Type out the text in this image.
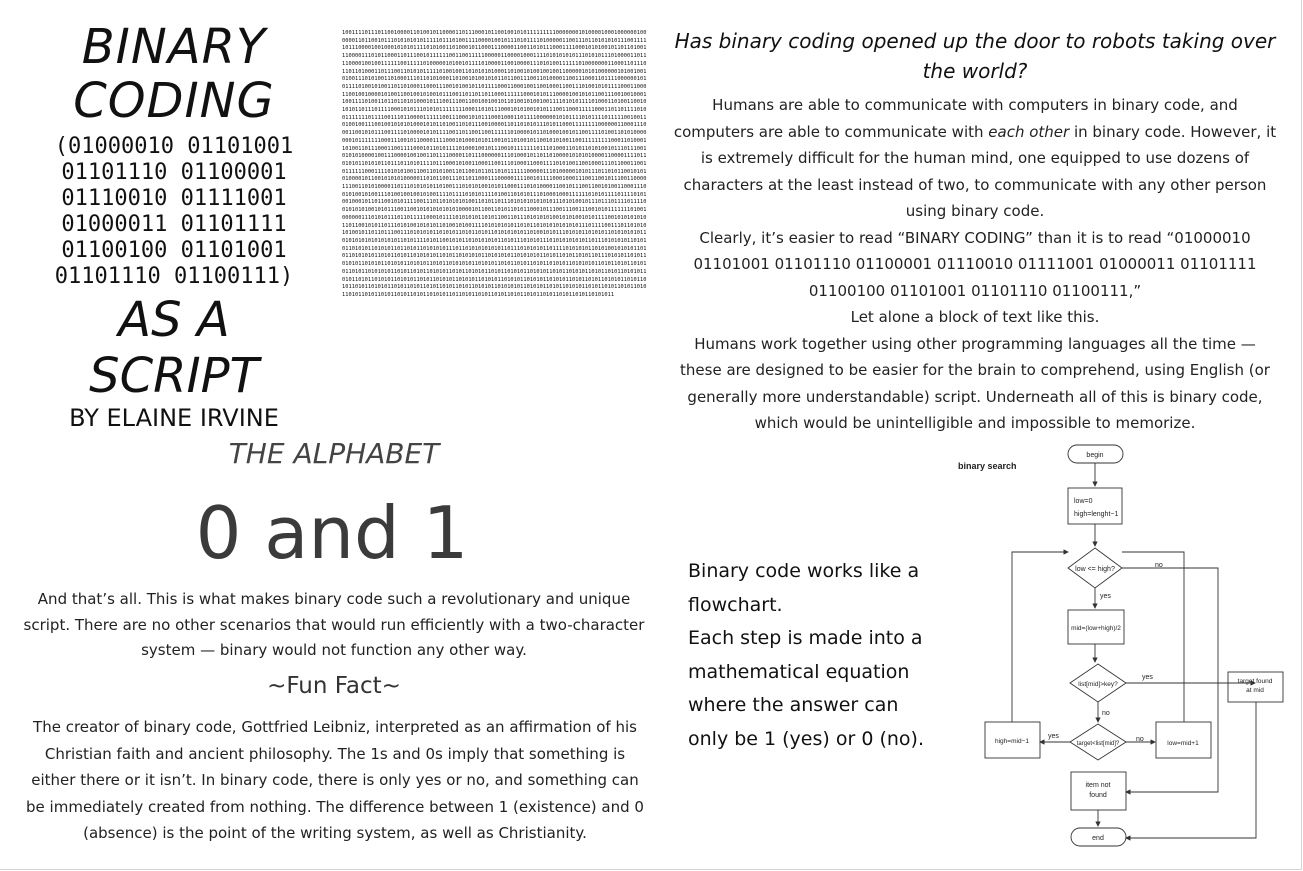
BINARY
CODING
(01000010 01101001
01101110 01100001
01110010 01111001
01000011 01101111
01100100 01101001
01101110 01100111)
AS A
SCRIPT
BY ELAINE IRVINE
1001111011101100100001101001011000011011100010110010010101111111110000000101000010001000000100000011011001011101010101011111011101001111000010010111010111101000001100111011010101011100111110111000010010001010101111010100110100010110001110000110011010111000111100010101001011011010011100001110101100011011100101111110011001111100000110000100011110101010101110101011101000011011110000100100111111001111101000001010010111101000011001000011101010011111101000000011000110111011011010001101110011010101111101001001101010101000110100101001001001100000101010000001010010010100111010100110100011101101010001101001010010101101100111001101000011001110001101111000000101011110100101001101101000110001110010100101101111000110001001100100011001110100101011110001100011001001000010100110010010100101110011011011011000111111000101011100001001010110011100100100011001111010011011011010100010111001110011001001001011010010100100111101010111101000110100110010101011011101111000101011101010111111110001101011100010101001010111001100011111000110110111101001111111011110011101100001111110011100010101110001000110111100000010101111010111101111100100110100100111001001010101000101011010011010111001000011011010101110101100011111111000000110001110001100101011100111101000010101111001101100110011111101000010110100010010110011110100110101000000010111111100011100101100001111000101000101011001011010010110010101001100111111111000110100011010011011100011001111000101101011110100010010111001011111110111010001101011010100101110111001010101000010011100001001001101111000011011100000011101000101101101000010101010000110000111101101010110101011011101101011110111000101001100011001110100011000111101010011001000111011000110010111111000111101010100110011010100110110010110110101111110000011101000001010111011010110010101010000101100101010100000110101100111011011000111000001111001011110001000111001100101110011000011100110101000011011101010101101001110101010010101100011101010000110010111001100101001100011100101001010011101001001001010011110111101010111101001101010111010001000111111010101111011110101001000101101100101011110011101101010101001101011011101010101010101110101001011101110111101111001010101001010111001100101010101010100001011001101011010110001011100111001110010101111111010010000001110101011101101111100010111101010101101011001101110101010100101010010101111001010101010110110010101101110101001010101101001010011110101010101101011010101010101011101111001110110101010100101101101110011101010101101010110101101011010101010110100101011101010110101011010101010110101010101010101011010111101011001010110101010101101011101010111010101010101101110101010110101011010101101010110110101101010101110110101010101011011101010101101111010101011010100101010110101101010101101011010110101010110101101010101101010101101010101101011010110101101110101011010110101011010101101010110101011010110101010110101011010110101101011010101101010101101011010110101011010110101010110101101011010101101011010101101011010101101010110101101010110101101011010101101011010110101011010101101011010101101010110101011010101101010110101011010110101101010110101101011010110101011010110101101011010110101101010110101010110101011010110101011010110101101011010110101101011010110101101011010101101101011010110101101011010110101101011010110101011
Has binary coding opened up the door to robots taking over the world?

Humans are able to communicate with computers in binary code, and computers are able to communicate with each other in binary code. However, it is extremely difficult for the human mind, one equipped to use dozens of characters at the least instead of two, to communicate with any other person using binary code.

Clearly, it’s easier to read “BINARY CODING” than it is to read “01000010 01101001 01101110 01100001 01110010 01111001 01000011 01101111 01100100 01101001 01101110 01100111,”

Let alone a block of text like this.

Humans work together using other programming languages all the time — these are designed to be easier for the brain to comprehend, using English (or generally more understandable) script. Underneath all of this is binary code, which would be unintelligible and impossible to memorize.

THE ALPHABET
0 and 1

And that’s all. This is what makes binary code such a revolutionary and unique script. There are no other scenarios that would run efficiently with a two-character system — binary would not function any other way.

~Fun Fact~

The creator of binary code, Gottfried Leibniz, interpreted as an affirmation of his Christian faith and ancient philosophy. The 1s and 0s imply that something is either there or it isn’t. In binary code, there is only yes or no, and something can be immediately created from nothing. The difference between 1 (existence) and 0 (absence) is the point of the writing system, as well as Christianity.

Binary code works like a flowchart.

Each step is made into a mathematical equation where the answer can only be 1 (yes) or 0 (no).

binary search
begin
low=0
high=lenght−1
low <= high?
yes
no
mid=(low+high)/2
list[mid]>key?
yes
no
target<list[mid]?
yes	no
high=mid−1	low=mid+1
item not
found
target found
at mid
end
